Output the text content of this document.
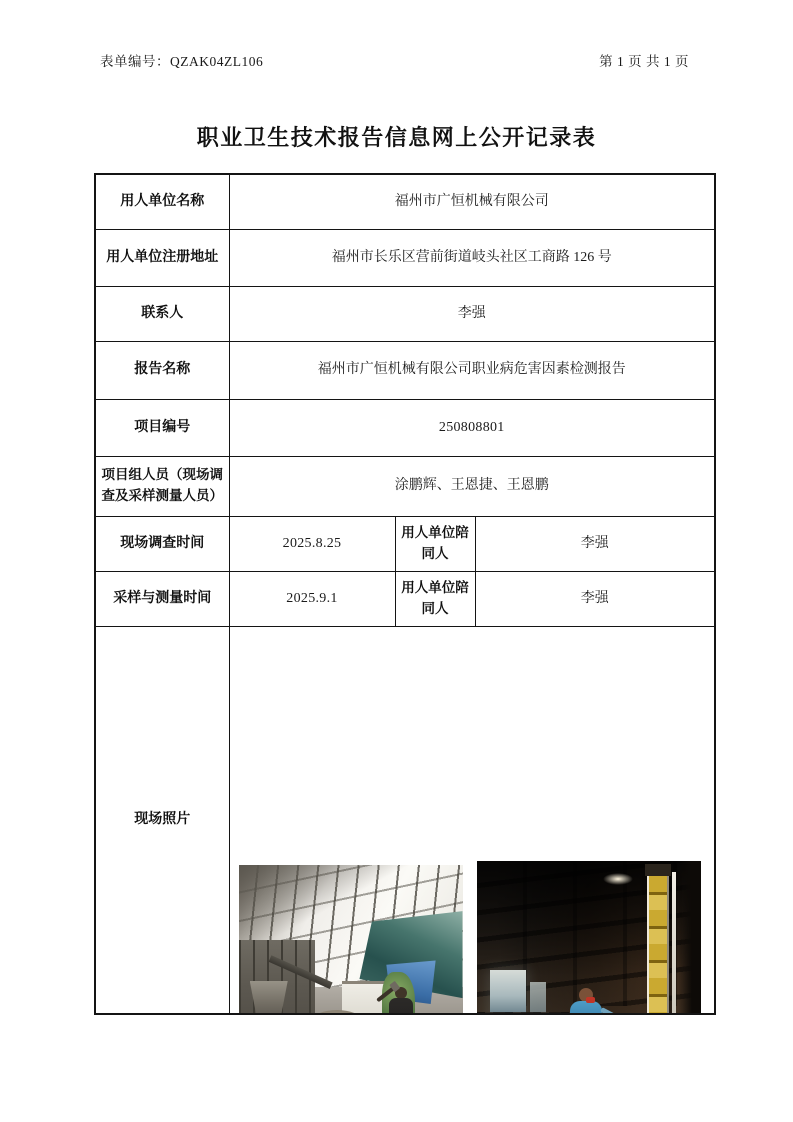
表单编号：QZAK04ZL106	第 1 页 共 1 页
职业卫生技术报告信息网上公开记录表
用人单位名称	福州市广恒机械有限公司		
用人单位注册地址	福州市长乐区营前街道岐头社区工商路 126 号		
联系人	李强		
报告名称	福州市广恒机械有限公司职业病危害因素检测报告		
项目编号	250808801		
项目组人员（现场调查及采样测量人员）	涂鹏辉、王恩捷、王恩鹏		
现场调查时间	2025.8.25	用人单位陪同人	李强
采样与测量时间	2025.9.1	用人单位陪同人	李强
现场照片			
